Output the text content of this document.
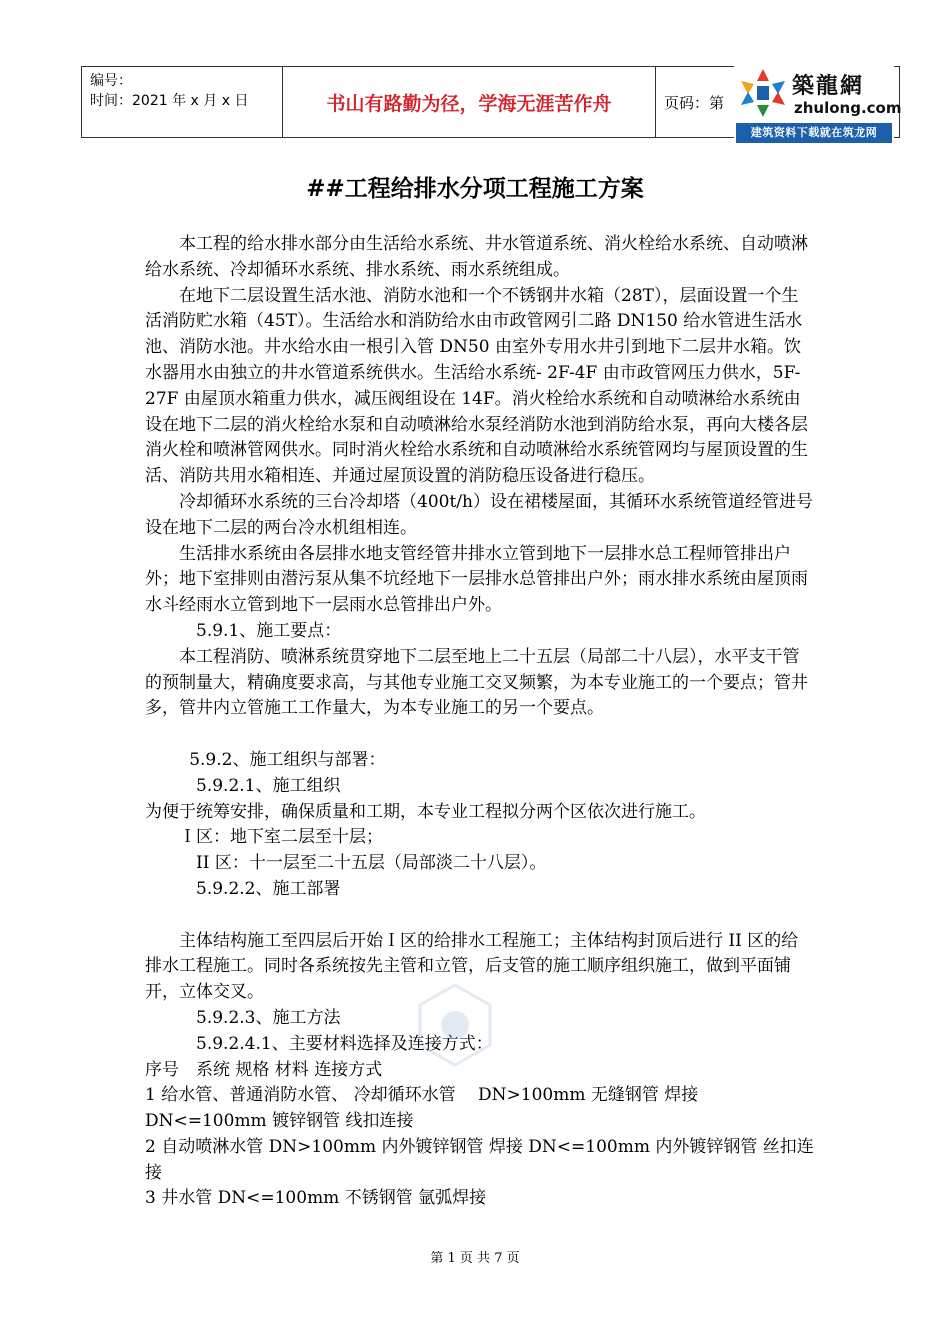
编号：
时间：2021 年 x 月 x 日	书山有路勤为径，学海无涯苦作舟	页码：第
築龍網
zhulong.com
建筑资料下载就在筑龙网
##工程给排水分项工程施工方案

本工程的给水排水部分由生活给水系统、井水管道系统、消火栓给水系统、自动喷淋给水系统、冷却循环水系统、排水系统、雨水系统组成。

在地下二层设置生活水池、消防水池和一个不锈钢井水箱（28T），层面设置一个生活消防贮水箱（45T）。生活给水和消防给水由市政管网引二路 DN150 给水管进生活水池、消防水池。井水给水由一根引入管 DN50 由室外专用水井引到地下二层井水箱。饮水器用水由独立的井水管道系统供水。生活给水系统- 2F-4F 由市政管网压力供水，5F-27F 由屋顶水箱重力供水，减压阀组设在 14F。消火栓给水系统和自动喷淋给水系统由设在地下二层的消火栓给水泵和自动喷淋给水泵经消防水池到消防给水泵，再向大楼各层消火栓和喷淋管网供水。同时消火栓给水系统和自动喷淋给水系统管网均与屋顶设置的生活、消防共用水箱相连、并通过屋顶设置的消防稳压设备进行稳压。

冷却循环水系统的三台冷却塔（400t/h）设在裙楼屋面，其循环水系统管道经管进号设在地下二层的两台冷水机组相连。

生活排水系统由各层排水地支管经管井排水立管到地下一层排水总工程师管排出户外；地下室排则由潜污泵从集不坑经地下一层排水总管排出户外；雨水排水系统由屋顶雨水斗经雨水立管到地下一层雨水总管排出户外。

5.9.1、施工要点：

本工程消防、喷淋系统贯穿地下二层至地上二十五层（局部二十八层），水平支干管的预制量大，精确度要求高，与其他专业施工交叉频繁，为本专业施工的一个要点；管井多，管井内立管施工工作量大，为本专业施工的另一个要点。

5.9.2、施工组织与部署：

5.9.2.1、施工组织

为便于统筹安排，确保质量和工期，本专业工程拟分两个区依次进行施工。

Ｉ区：地下室二层至十层；

II 区：十一层至二十五层（局部淡二十八层）。

5.9.2.2、施工部署

主体结构施工至四层后开始Ｉ区的给排水工程施工；主体结构封顶后进行 II 区的给排水工程施工。同时各系统按先主管和立管，后支管的施工顺序组织施工，做到平面铺开，立体交叉。

5.9.2.3、施工方法

5.9.2.4.1、主要材料选择及连接方式：

序号　系统 规格 材料 连接方式

1 给水管、普通消防水管、 冷却循环水管　 DN>100mm 无缝钢管 焊接 DN<=100mm 镀锌钢管 线扣连接

2 自动喷淋水管 DN>100mm 内外镀锌钢管 焊接 DN<=100mm 内外镀锌钢管 丝扣连接

3 井水管 DN<=100mm 不锈钢管 氩弧焊接

第 1 页 共 7 页
